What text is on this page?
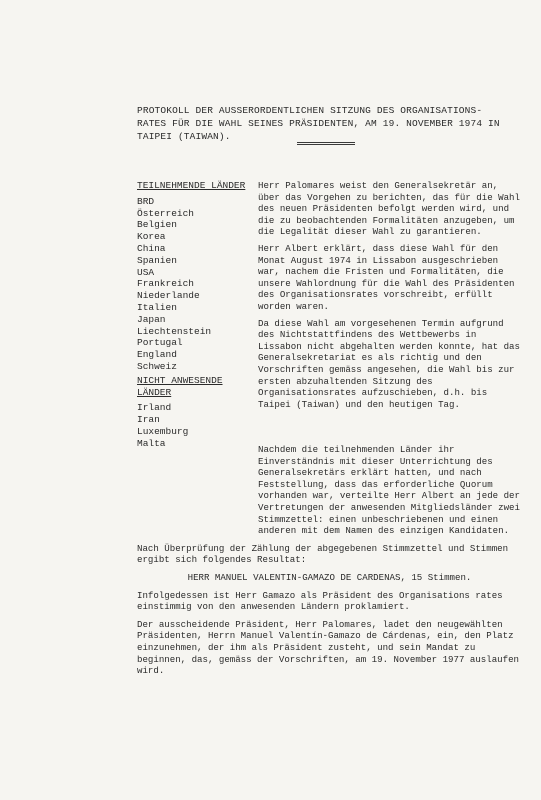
PROTOKOLL DER AUSSERORDENTLICHEN SITZUNG DES ORGANISATIONS-RATES FÜR DIE WAHL SEINES PRÄSIDENTEN, AM 19. NOVEMBER 1974 IN TAIPEI (TAIWAN).
TEILNEHMENDE LÄNDER
BRD
Österreich
Belgien
Korea
China
Spanien
USA
Frankreich
Niederlande
Italien
Japan
Liechtenstein
Portugal
England
Schweiz
NICHT ANWESENDE LÄNDER
Irland
Iran
Luxemburg
Malta

Herr Palomares weist den Generalsekretär an, über das Vorgehen zu berichten, das für die Wahl des neuen Präsidenten befolgt werden wird, und die zu beobachtenden Formalitäten anzugeben, um die Legalität dieser Wahl zu garantieren.

Herr Albert erklärt, dass diese Wahl für den Monat August 1974 in Lissabon ausgeschrieben war, nachem die Fristen und Formalitäten, die unsere Wahlordnung für die Wahl des Präsidenten des Organisationsrates vorschreibt, erfüllt worden waren.

Da diese Wahl am vorgesehenen Termin aufgrund des Nichtstattfindens des Wettbewerbs in Lissabon nicht abgehalten werden konnte, hat das Generalsekretariat es als richtig und den Vorschriften gemäss angesehen, die Wahl bis zur ersten abzuhaltenden Sitzung des Organisationsrates aufzuschieben, d.h. bis Taipei (Taiwan) und den heutigen Tag.

Nachdem die teilnehmenden Länder ihr Einverständnis mit dieser Unterrichtung des Generalsekretärs erklärt hatten, und nach Feststellung, dass das erforderliche Quorum vorhanden war, verteilte Herr Albert an jede der Vertretungen der anwesenden Mitgliedsländer zwei Stimmzettel: einen unbeschriebenen und einen anderen mit dem Namen des einzigen Kandidaten.

Nach Überprüfung der Zählung der abgegebenen Stimmzettel und Stimmen ergibt sich folgendes Resultat:

HERR MANUEL VALENTIN-GAMAZO DE CARDENAS, 15 Stimmen.

Infolgedessen ist Herr Gamazo als Präsident des Organisations rates einstimmig von den anwesenden Ländern proklamiert.

Der ausscheidende Präsident, Herr Palomares, ladet den neugewählten Präsidenten, Herrn Manuel Valentín-Gamazo de Cárdenas, ein, den Platz einzunehmen, der ihm als Präsident zusteht, und sein Mandat zu beginnen, das, gemäss der Vorschriften, am 19. November 1977 auslaufen wird.
